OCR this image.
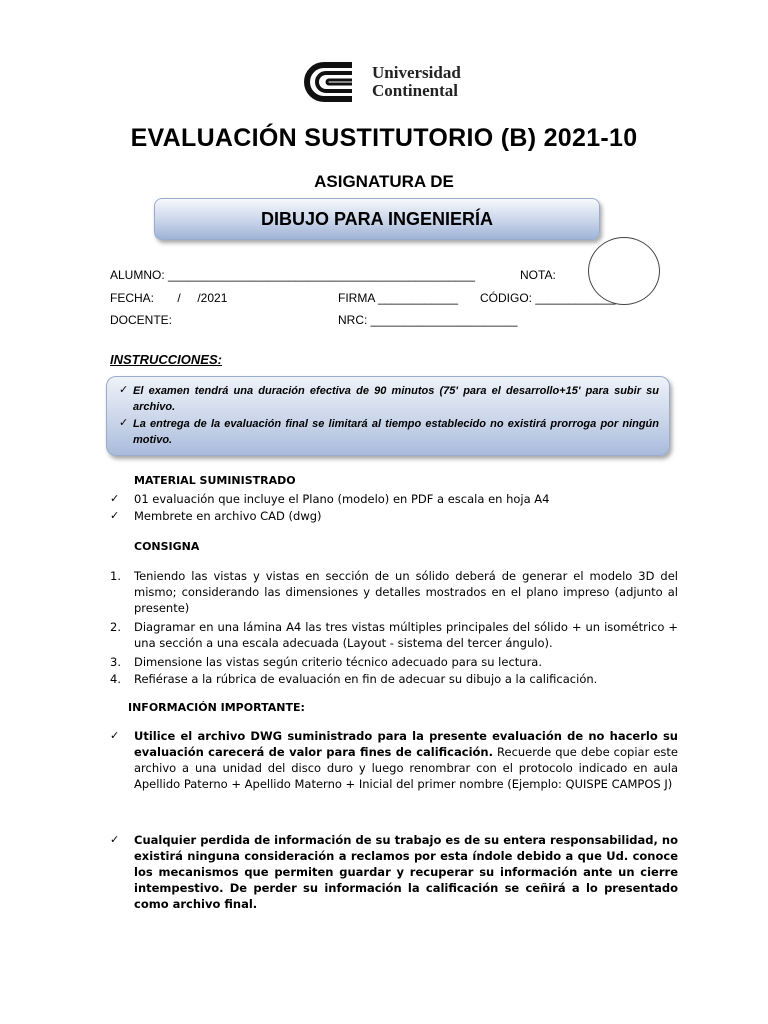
Universidad
Continental
EVALUACIÓN SUSTITUTORIO (B) 2021-10
ASIGNATURA DE
DIBUJO PARA INGENIERÍA
ALUMNO: ______________________________________________	NOTA:
FECHA:       /     /2021	FIRMA ____________ CÓDIGO: ____________
DOCENTE:	NRC: ______________________
INSTRUCCIONES:
✓ El examen tendrá una duración efectiva de 90 minutos (75' para el desarrollo+15' para subir su archivo.
✓ La entrega de la evaluación final se limitará al tiempo establecido no existirá prorroga por ningún motivo.
MATERIAL SUMINISTRADO
✓ 01 evaluación que incluye el Plano (modelo) en PDF a escala en hoja A4
✓ Membrete en archivo CAD (dwg)
CONSIGNA
1. Teniendo las vistas y vistas en sección de un sólido deberá de generar el modelo 3D del mismo; considerando las dimensiones y detalles mostrados en el plano impreso (adjunto al presente)
2. Diagramar en una lámina A4 las tres vistas múltiples principales del sólido + un isométrico + una sección a una escala adecuada (Layout - sistema del tercer ángulo).
3. Dimensione las vistas según criterio técnico adecuado para su lectura.
4. Refiérase a la rúbrica de evaluación en fin de adecuar su dibujo a la calificación.
INFORMACIÓN IMPORTANTE:
✓ Utilice el archivo DWG suministrado para la presente evaluación de no hacerlo su evaluación carecerá de valor para fines de calificación. Recuerde que debe copiar este archivo a una unidad del disco duro y luego renombrar con el protocolo indicado en aula Apellido Paterno + Apellido Materno + Inicial del primer nombre (Ejemplo: QUISPE CAMPOS J)
✓ Cualquier perdida de información de su trabajo es de su entera responsabilidad, no existirá ninguna consideración a reclamos por esta índole debido a que Ud. conoce los mecanismos que permiten guardar y recuperar su información ante un cierre intempestivo. De perder su información la calificación se ceñirá a lo presentado como archivo final.
